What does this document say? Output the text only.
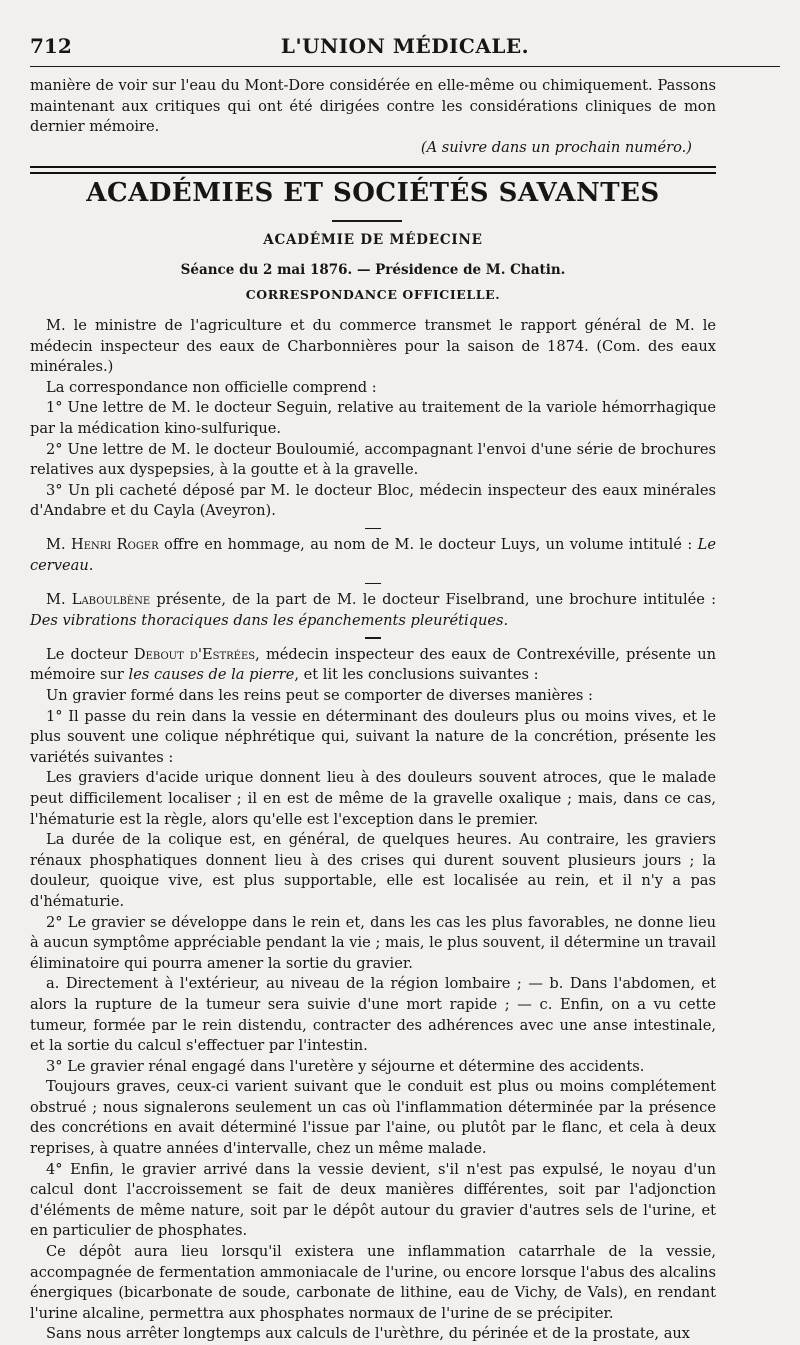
712	L'UNION MÉDICALE.

manière de voir sur l'eau du Mont-Dore considérée en elle-même ou chimiquement. Passons maintenant aux critiques qui ont été dirigées contre les considérations cliniques de mon dernier mémoire.

(A suivre dans un prochain numéro.)

ACADÉMIES ET SOCIÉTÉS SAVANTES
ACADÉMIE DE MÉDECINE
Séance du 2 mai 1876. — Présidence de M. Chatin.
CORRESPONDANCE OFFICIELLE.

M. le ministre de l'agriculture et du commerce transmet le rapport général de M. le médecin inspecteur des eaux de Charbonnières pour la saison de 1874. (Com. des eaux minérales.)

La correspondance non officielle comprend :

1° Une lettre de M. le docteur Seguin, relative au traitement de la variole hémorrhagique par la médication kino-sulfurique.

2° Une lettre de M. le docteur Bouloumié, accompagnant l'envoi d'une série de brochures relatives aux dyspepsies, à la goutte et à la gravelle.

3° Un pli cacheté déposé par M. le docteur Bloc, médecin inspecteur des eaux minérales d'Andabre et du Cayla (Aveyron).

M. Henri Roger offre en hommage, au nom de M. le docteur Luys, un volume intitulé : Le cerveau.

M. Laboulbène présente, de la part de M. le docteur Fiselbrand, une brochure intitulée : Des vibrations thoraciques dans les épanchements pleurétiques.

Le docteur Debout d'Estrées, médecin inspecteur des eaux de Contrexéville, présente un mémoire sur les causes de la pierre, et lit les conclusions suivantes :

Un gravier formé dans les reins peut se comporter de diverses manières :

1° Il passe du rein dans la vessie en déterminant des douleurs plus ou moins vives, et le plus souvent une colique néphrétique qui, suivant la nature de la concrétion, présente les variétés suivantes :

Les graviers d'acide urique donnent lieu à des douleurs souvent atroces, que le malade peut difficilement localiser ; il en est de même de la gravelle oxalique ; mais, dans ce cas, l'hématurie est la règle, alors qu'elle est l'exception dans le premier.

La durée de la colique est, en général, de quelques heures. Au contraire, les graviers rénaux phosphatiques donnent lieu à des crises qui durent souvent plusieurs jours ; la douleur, quoique vive, est plus supportable, elle est localisée au rein, et il n'y a pas d'hématurie.

2° Le gravier se développe dans le rein et, dans les cas les plus favorables, ne donne lieu à aucun symptôme appréciable pendant la vie ; mais, le plus souvent, il détermine un travail éliminatoire qui pourra amener la sortie du gravier.

a. Directement à l'extérieur, au niveau de la région lombaire ; — b. Dans l'abdomen, et alors la rupture de la tumeur sera suivie d'une mort rapide ; — c. Enfin, on a vu cette tumeur, formée par le rein distendu, contracter des adhérences avec une anse intestinale, et la sortie du calcul s'effectuer par l'intestin.

3° Le gravier rénal engagé dans l'uretère y séjourne et détermine des accidents.

Toujours graves, ceux-ci varient suivant que le conduit est plus ou moins complétement obstrué ; nous signalerons seulement un cas où l'inflammation déterminée par la présence des concrétions en avait déterminé l'issue par l'aine, ou plutôt par le flanc, et cela à deux reprises, à quatre années d'intervalle, chez un même malade.

4° Enfin, le gravier arrivé dans la vessie devient, s'il n'est pas expulsé, le noyau d'un calcul dont l'accroissement se fait de deux manières différentes, soit par l'adjonction d'éléments de même nature, soit par le dépôt autour du gravier d'autres sels de l'urine, et en particulier de phosphates.

Ce dépôt aura lieu lorsqu'il existera une inflammation catarrhale de la vessie, accompagnée de fermentation ammoniacale de l'urine, ou encore lorsque l'abus des alcalins énergiques (bicarbonate de soude, carbonate de lithine, eau de Vichy, de Vals), en rendant l'urine alcaline, permettra aux phosphates normaux de l'urine de se précipiter.

Sans nous arrêter longtemps aux calculs de l'urèthre, du périnée et de la prostate, aux
